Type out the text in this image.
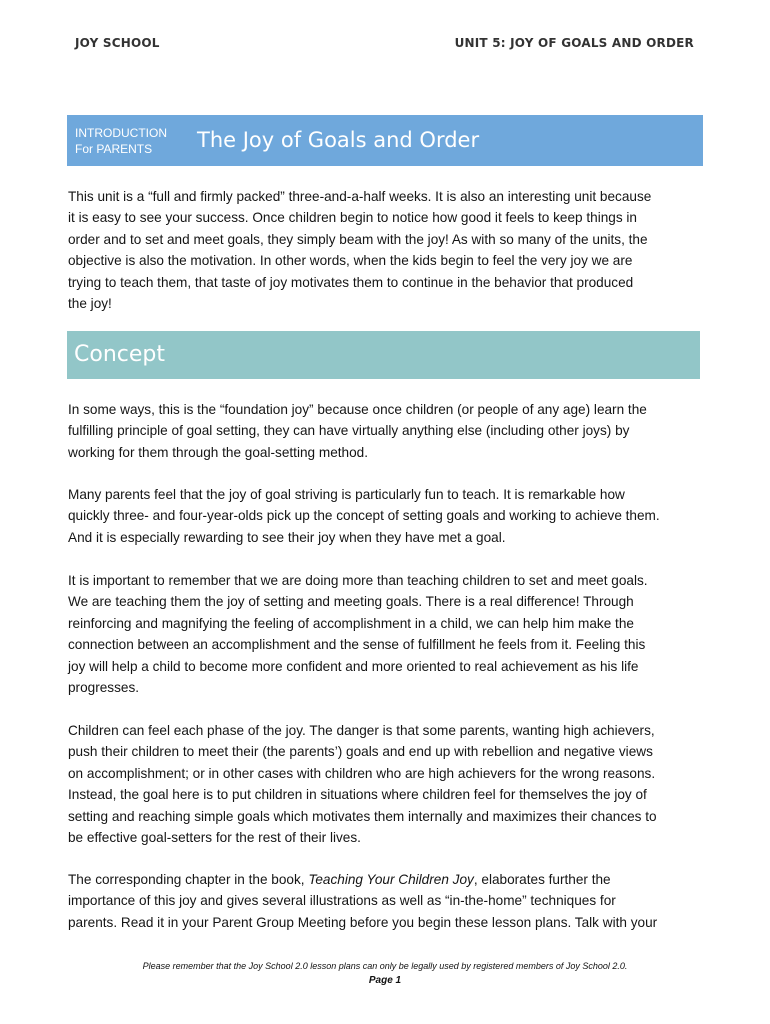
JOY SCHOOL	UNIT 5: JOY OF GOALS AND ORDER
INTRODUCTION
For PARENTS	The Joy of Goals and Order
This unit is a “full and firmly packed” three-and-a-half weeks. It is also an interesting unit because
it is easy to see your success. Once children begin to notice how good it feels to keep things in
order and to set and meet goals, they simply beam with the joy! As with so many of the units, the
objective is also the motivation. In other words, when the kids begin to feel the very joy we are
trying to teach them, that taste of joy motivates them to continue in the behavior that produced
the joy!
Concept
In some ways, this is the “foundation joy” because once children (or people of any age) learn the
fulfilling principle of goal setting, they can have virtually anything else (including other joys) by
working for them through the goal-setting method.
Many parents feel that the joy of goal striving is particularly fun to teach. It is remarkable how
quickly three- and four-year-olds pick up the concept of setting goals and working to achieve them.
And it is especially rewarding to see their joy when they have met a goal.
It is important to remember that we are doing more than teaching children to set and meet goals.
We are teaching them the joy of setting and meeting goals. There is a real difference! Through
reinforcing and magnifying the feeling of accomplishment in a child, we can help him make the
connection between an accomplishment and the sense of fulfillment he feels from it. Feeling this
joy will help a child to become more confident and more oriented to real achievement as his life
progresses.
Children can feel each phase of the joy. The danger is that some parents, wanting high achievers,
push their children to meet their (the parents’) goals and end up with rebellion and negative views
on accomplishment; or in other cases with children who are high achievers for the wrong reasons.
Instead, the goal here is to put children in situations where children feel for themselves the joy of
setting and reaching simple goals which motivates them internally and maximizes their chances to
be effective goal-setters for the rest of their lives.
The corresponding chapter in the book, Teaching Your Children Joy, elaborates further the
importance of this joy and gives several illustrations as well as “in-the-home” techniques for
parents. Read it in your Parent Group Meeting before you begin these lesson plans. Talk with your
Please remember that the Joy School 2.0 lesson plans can only be legally used by registered members of Joy School 2.0.
Page 1
